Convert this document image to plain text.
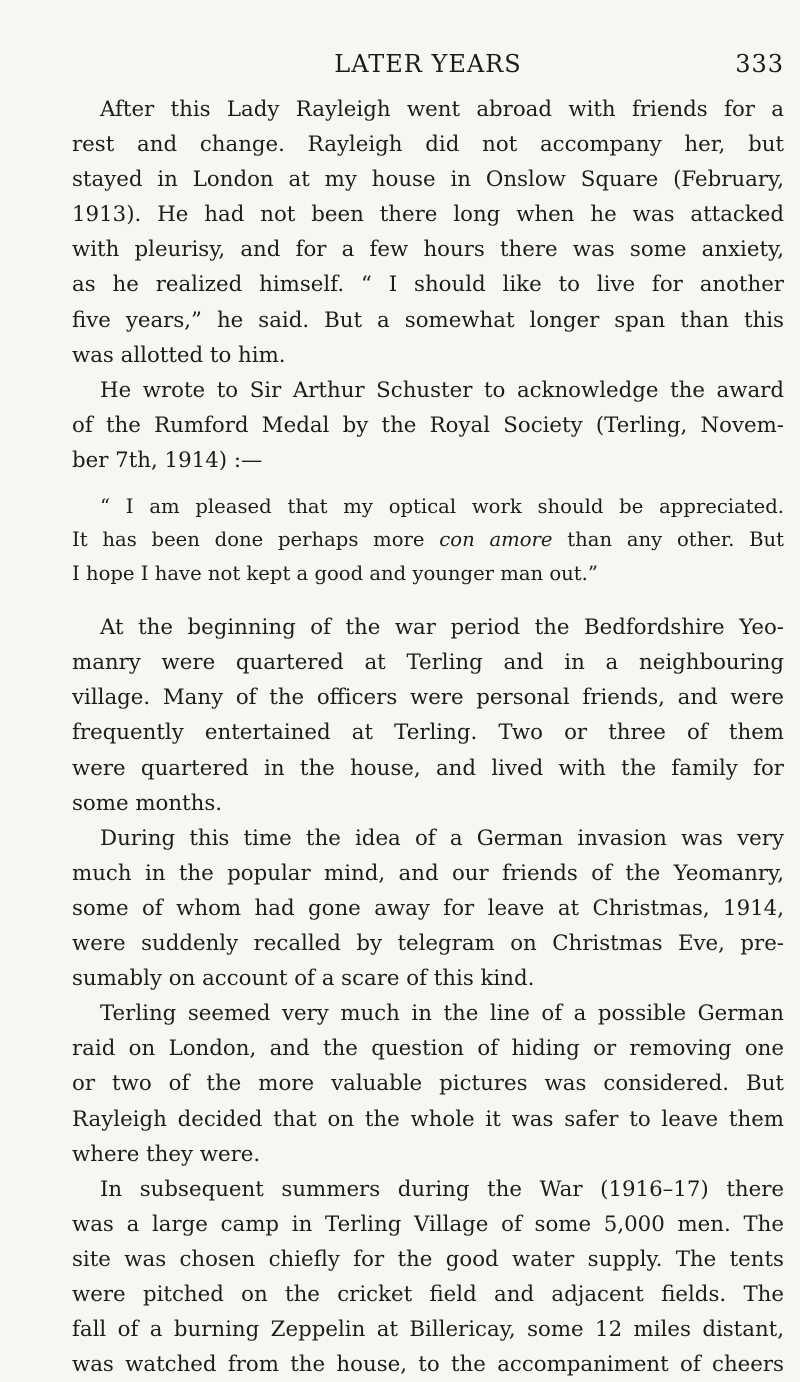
LATER YEARS	333
After this Lady Rayleigh went abroad with friends for a
rest and change. Rayleigh did not accompany her, but
stayed in London at my house in Onslow Square (February,
1913). He had not been there long when he was attacked
with pleurisy, and for a few hours there was some anxiety,
as he realized himself. “ I should like to live for another
five years,” he said. But a somewhat longer span than this
was allotted to him.
He wrote to Sir Arthur Schuster to acknowledge the award
of the Rumford Medal by the Royal Society (Terling, Novem-
ber 7th, 1914) :—
“ I am pleased that my optical work should be appreciated.
It has been done perhaps more con amore than any other. But
I hope I have not kept a good and younger man out.”
At the beginning of the war period the Bedfordshire Yeo-
manry were quartered at Terling and in a neighbouring
village. Many of the officers were personal friends, and were
frequently entertained at Terling. Two or three of them
were quartered in the house, and lived with the family for
some months.
During this time the idea of a German invasion was very
much in the popular mind, and our friends of the Yeomanry,
some of whom had gone away for leave at Christmas, 1914,
were suddenly recalled by telegram on Christmas Eve, pre-
sumably on account of a scare of this kind.
Terling seemed very much in the line of a possible German
raid on London, and the question of hiding or removing one
or two of the more valuable pictures was considered. But
Rayleigh decided that on the whole it was safer to leave them
where they were.
In subsequent summers during the War (1916–17) there
was a large camp in Terling Village of some 5,000 men. The
site was chosen chiefly for the good water supply. The tents
were pitched on the cricket field and adjacent fields. The
fall of a burning Zeppelin at Billericay, some 12 miles distant,
was watched from the house, to the accompaniment of cheers
